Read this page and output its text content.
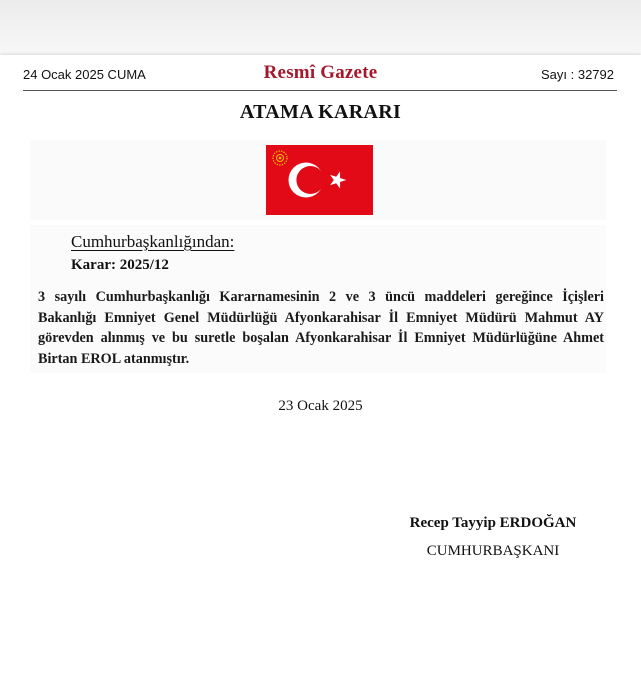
24 Ocak 2025 CUMA	Resmî Gazete	Sayı : 32792
ATAMA KARARI
Cumhurbaşkanlığından:
Karar: 2025/12
3 sayılı Cumhurbaşkanlığı Kararnamesinin 2 ve 3 üncü maddeleri gereğince İçişleri Bakanlığı Emniyet Genel Müdürlüğü Afyonkarahisar İl Emniyet Müdürü Mahmut AY görevden alınmış ve bu suretle boşalan Afyonkarahisar İl Emniyet Müdürlüğüne Ahmet Birtan EROL atanmıştır.
23 Ocak 2025
Recep Tayyip ERDOĞAN
CUMHURBAŞKANI
